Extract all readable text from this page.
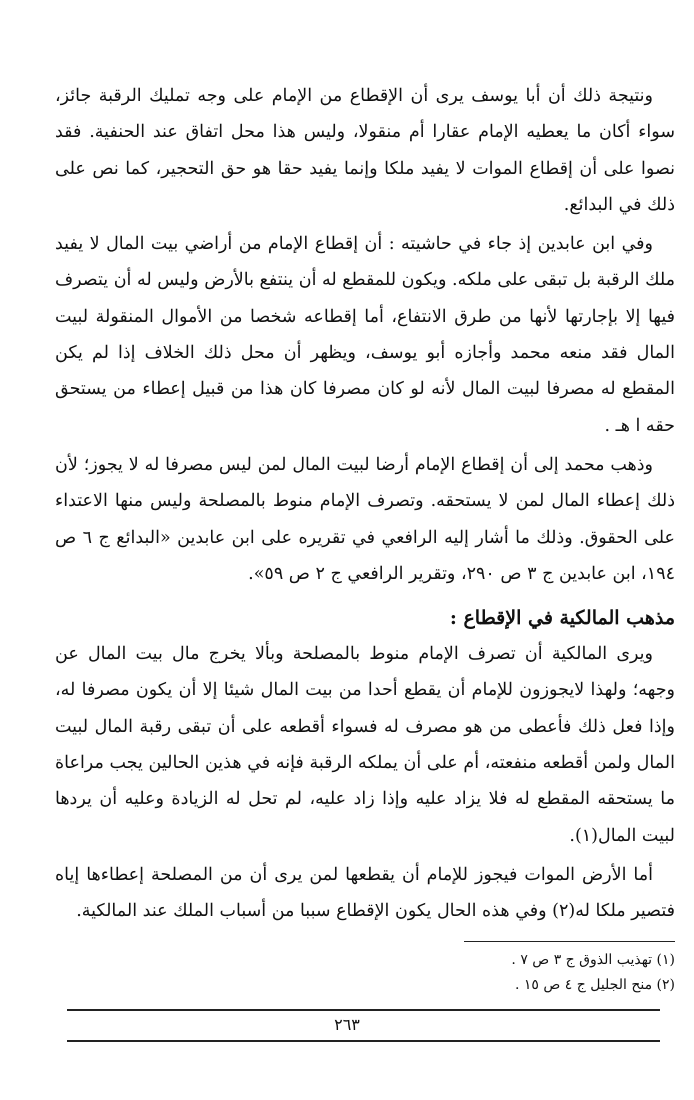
ونتيجة ذلك أن أبا يوسف يرى أن الإقطاع من الإمام على وجه تمليك الرقبة جائز، سواء أكان ما يعطيه الإمام عقارا أم منقولا، وليس هذا محل اتفاق عند الحنفية. فقد نصوا على أن إقطاع الموات لا يفيد ملكا وإنما يفيد حقا هو حق التحجير، كما نص على ذلك في البدائع.

وفي ابن عابدين إذ جاء في حاشيته : أن إقطاع الإمام من أراضي بيت المال لا يفيد ملك الرقبة بل تبقى على ملكه. ويكون للمقطع له أن ينتفع بالأرض وليس له أن يتصرف فيها إلا بإجارتها لأنها من طرق الانتفاع، أما إقطاعه شخصا من الأموال المنقولة لبيت المال فقد منعه محمد وأجازه أبو يوسف، ويظهر أن محل ذلك الخلاف إذا لم يكن المقطع له مصرفا لبيت المال لأنه لو كان مصرفا كان هذا من قبيل إعطاء من يستحق حقه ا هـ .

وذهب محمد إلى أن إقطاع الإمام أرضا لبيت المال لمن ليس مصرفا له لا يجوز؛ لأن ذلك إعطاء المال لمن لا يستحقه. وتصرف الإمام منوط بالمصلحة وليس منها الاعتداء على الحقوق. وذلك ما أشار إليه الرافعي في تقريره على ابن عابدين «البدائع ج ٦ ص ١٩٤، ابن عابدين ج ٣ ص ٢٩٠، وتقرير الرافعي ج ٢ ص ٥٩».

مذهب المالكية في الإقطاع :

ويرى المالكية أن تصرف الإمام منوط بالمصلحة وبألا يخرج مال بيت المال عن وجهه؛ ولهذا لايجوزون للإمام أن يقطع أحدا من بيت المال شيئا إلا أن يكون مصرفا له، وإذا فعل ذلك فأعطى من هو مصرف له فسواء أقطعه على أن تبقى رقبة المال لبيت المال ولمن أقطعه منفعته، أم على أن يملكه الرقبة فإنه في هذين الحالين يجب مراعاة ما يستحقه المقطع له فلا يزاد عليه وإذا زاد عليه، لم تحل له الزيادة وعليه أن يردها لبيت المال(١).

أما الأرض الموات فيجوز للإمام أن يقطعها لمن يرى أن من المصلحة إعطاءها إياه فتصير ملكا له(٢) وفي هذه الحال يكون الإقطاع سببا من أسباب الملك عند المالكية.

(١) تهذيب الذوق ج ٣ ص ٧ .

(٢) منح الجليل ج ٤ ص ١٥ .

٢٦٣
